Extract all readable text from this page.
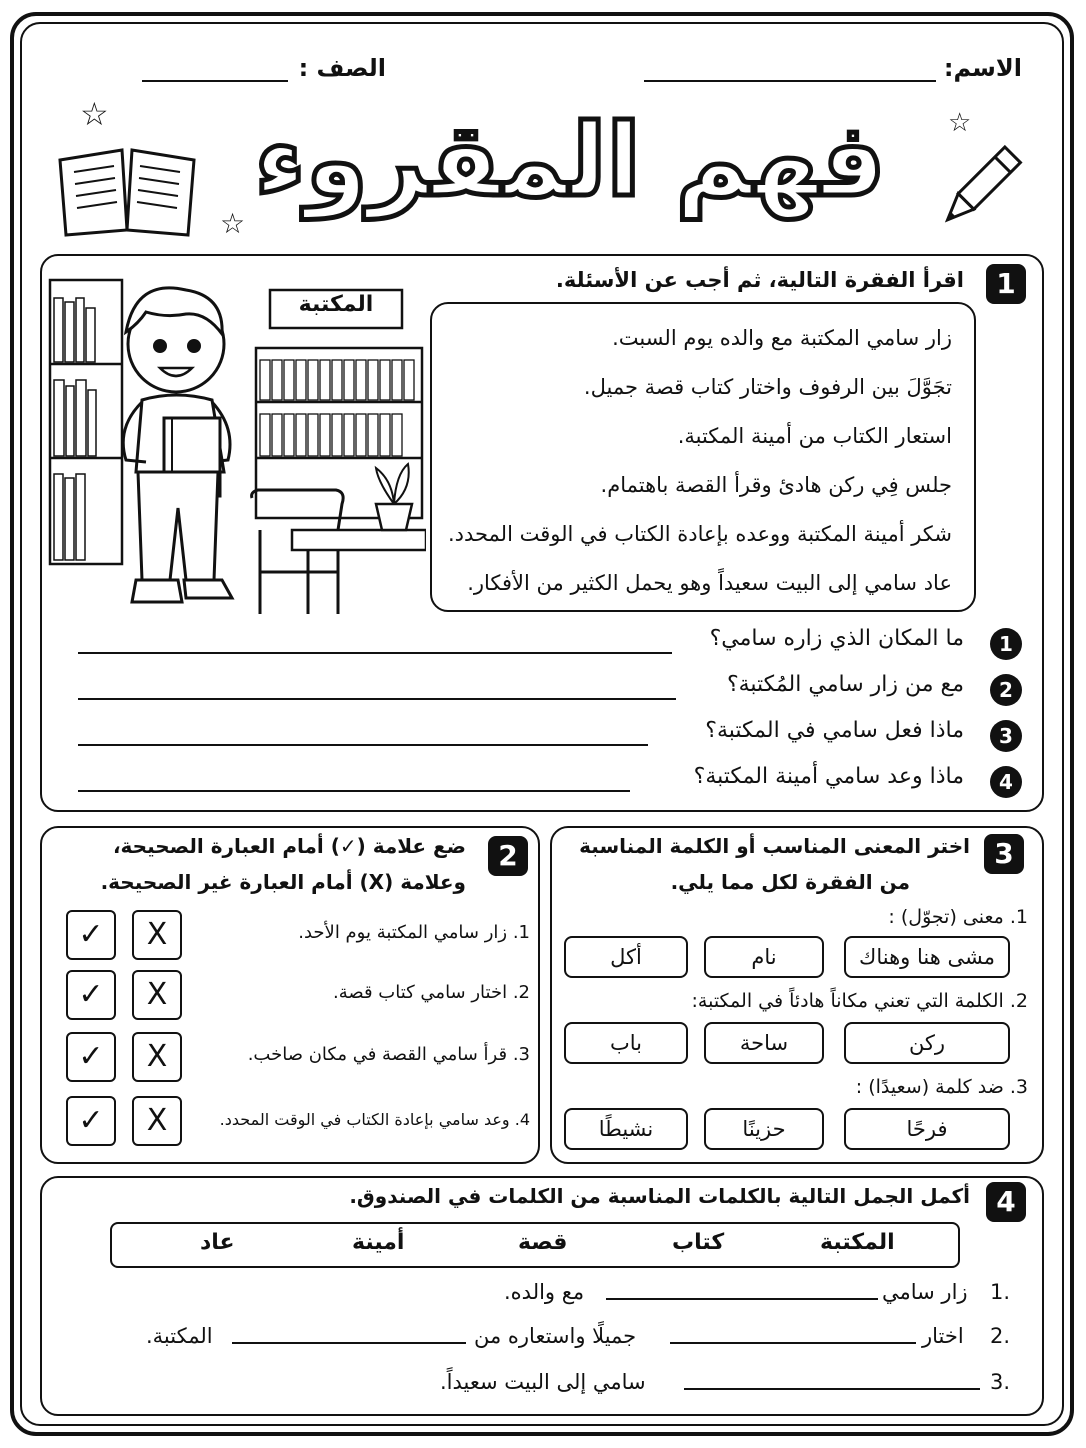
الاسم:
الصف :
فهم المقروء
☆
☆
☆
1
اقرأ الفقرة التالية، ثم أجب عن الأسئلة.
المكتبة

زار سامي المكتبة مع والده يوم السبت.

تجَوَّلَ بين الرفوف واختار كتاب قصة جميل.

استعار الكتاب من أمينة المكتبة.

جلس فِي ركن هادئ وقرأ القصة باهتمام.

شكر أمينة المكتبة ووعده بإعادة الكتاب في الوقت المحدد.

عاد سامي إلى البيت سعيداً وهو يحمل الكثير من الأفكار.

1
ما المكان الذي زاره سامي؟
2
مع من زار سامي المُكتبة؟
3
ماذا فعل سامي في المكتبة؟
4
ماذا وعد سامي أمينة المكتبة؟
2
ضع علامة (✓) أمام العبارة الصحيحة،
وعلامة (X) أمام العبارة غير الصحيحة.
✓	X	1. زار سامي المكتبة يوم الأحد.
✓	X	2. اختار سامي كتاب قصة.
✓	X	3. قرأ سامي القصة في مكان صاخب.
✓	X	4. وعد سامي بإعادة الكتاب في الوقت المحدد.
3
اختر المعنى المناسب أو الكلمة المناسبة
من الفقرة لكل مما يلي.
1. معنى (تجوّل) :
مشى هنا وهناك
نام
أكل
2. الكلمة التي تعني مكاناً هادئاً في المكتبة:
ركن
ساحة
باب
3. ضد كلمة (سعيدًا) :
فرحًا
حزينًا
نشيطًا
4
أكمل الجمل التالية بالكلمات المناسبة من الكلمات في الصندوق.
المكتبة
كتاب
قصة
أمينة
عاد
1.
زار سامي
مع والده.
2.
اختار
جميلًا واستعاره من
المكتبة.
3.
سامي إلى البيت سعيداً.
